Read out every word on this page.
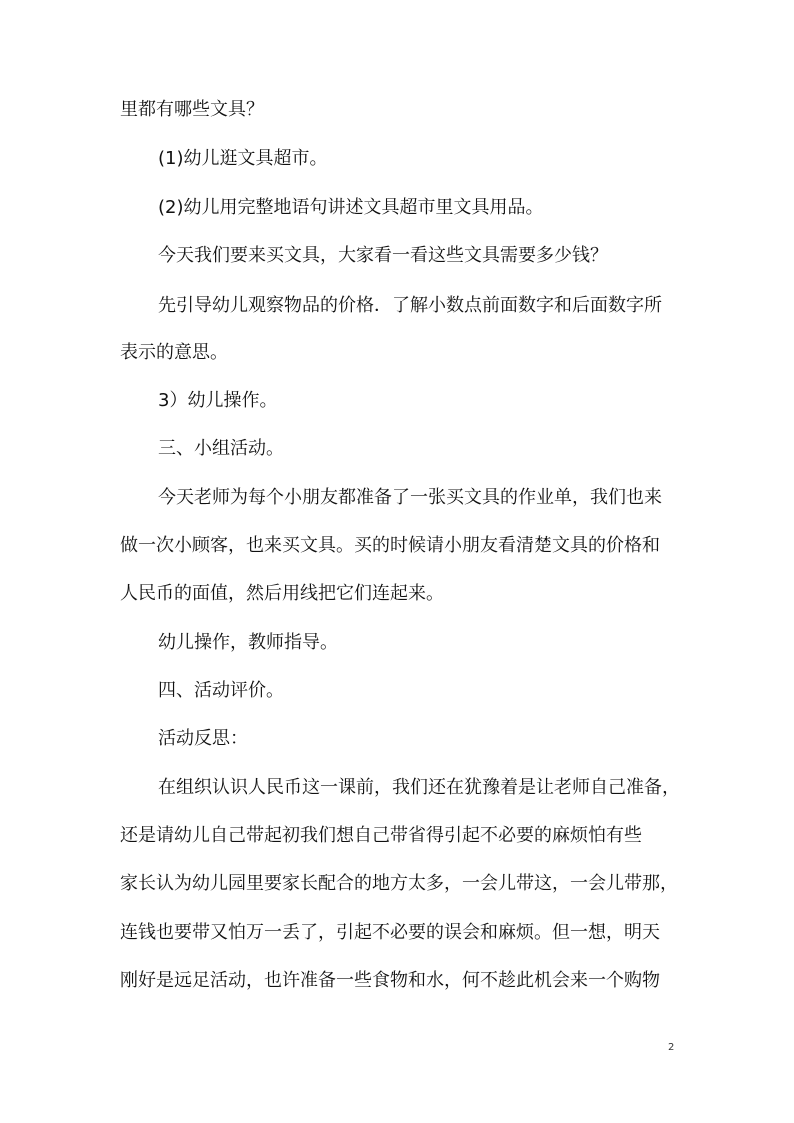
里都有哪些文具？
(1)幼儿逛文具超市。
(2)幼儿用完整地语句讲述文具超市里文具用品。
今天我们要来买文具，大家看一看这些文具需要多少钱？
先引导幼儿观察物品的价格．了解小数点前面数字和后面数字所
表示的意思。
3）幼儿操作。
三、小组活动。
今天老师为每个小朋友都准备了一张买文具的作业单，我们也来
做一次小顾客，也来买文具。买的时候请小朋友看清楚文具的价格和
人民币的面值，然后用线把它们连起来。
幼儿操作，教师指导。
四、活动评价。
活动反思：
在组织认识人民币这一课前，我们还在犹豫着是让老师自己准备，
还是请幼儿自己带起初我们想自己带省得引起不必要的麻烦怕有些
家长认为幼儿园里要家长配合的地方太多，一会儿带这，一会儿带那，
连钱也要带又怕万一丢了，引起不必要的误会和麻烦。但一想，明天
刚好是远足活动，也许准备一些食物和水，何不趁此机会来一个购物
2
